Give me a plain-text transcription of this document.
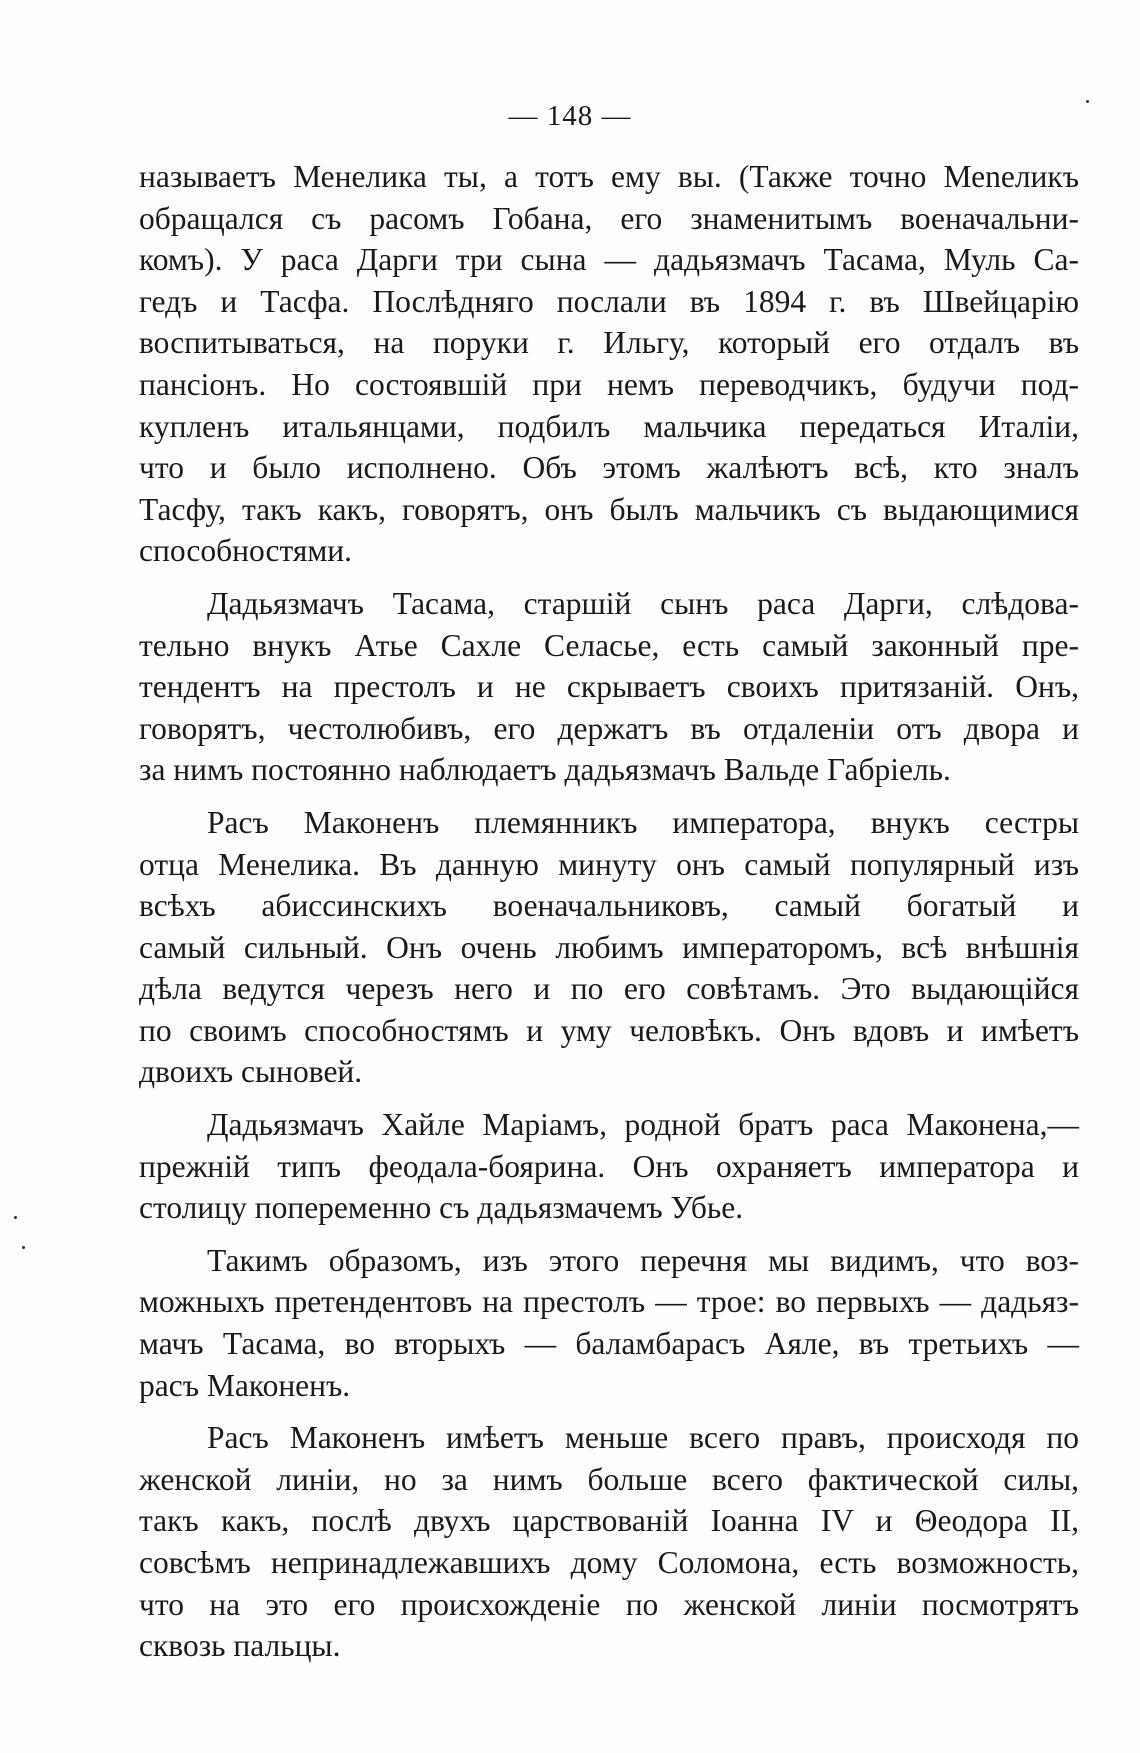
— 148 —
называетъ Менелика ты, а тотъ ему вы. (Также точно Меneликъ
обращался съ расомъ Гобана, его знаменитымъ военачальни-
комъ). У раса Дарги три сына — дадьязмачъ Тасама, Муль Са-
гедъ и Тасфа. Послѣдняго послали въ 1894 г. въ Швейцарію
воспитываться, на поруки г. Ильгу, который его отдалъ въ
пансіонъ. Но состоявшій при немъ переводчикъ, будучи под-
купленъ итальянцами, подбилъ мальчика передаться Италіи,
что и было исполнено. Объ этомъ жалѣютъ всѣ, кто зналъ
Тасфу, такъ какъ, говорятъ, онъ былъ мальчикъ съ выдающимися
способностями.
Дадьязмачъ Тасама, старшій сынъ раса Дарги, слѣдова-
тельно внукъ Атье Сахле Селасье, есть самый законный пре-
тендентъ на престолъ и не скрываетъ своихъ притязаній. Онъ,
говорятъ, честолюбивъ, его держатъ въ отдаленіи отъ двора и
за нимъ постоянно наблюдаетъ дадьязмачъ Вальде Габріель.
Расъ Маконенъ племянникъ императора, внукъ сестры
отца Менелика. Въ данную минуту онъ самый популярный изъ
всѣхъ абиссинскихъ военачальниковъ, самый богатый и
самый сильный. Онъ очень любимъ императоромъ, всѣ внѣшнія
дѣла ведутся черезъ него и по его совѣтамъ. Это выдающійся
по своимъ способностямъ и уму человѣкъ. Онъ вдовъ и имѣетъ
двоихъ сыновей.
Дадьязмачъ Хайле Маріамъ, родной братъ раса Маконена,—
прежній типъ феодала-боярина. Онъ охраняетъ императора и
столицу попеременно съ дадьязмачемъ Убье.
Такимъ образомъ, изъ этого перечня мы видимъ, что воз-
можныхъ претендентовъ на престолъ — трое: во первыхъ — дадьяз-
мачъ Тасама, во вторыхъ — баламбарасъ Аяле, въ третьихъ —
расъ Маконенъ.
Расъ Маконенъ имѣетъ меньше всего правъ, происходя по
женской линіи, но за нимъ больше всего фактической силы,
такъ какъ, послѣ двухъ царствованій Іоанна IV и Θеодора II,
совсѣмъ непринадлежавшихъ дому Соломона, есть возможность,
что на это его происхожденіе по женской линіи посмотрятъ
сквозь пальцы.
